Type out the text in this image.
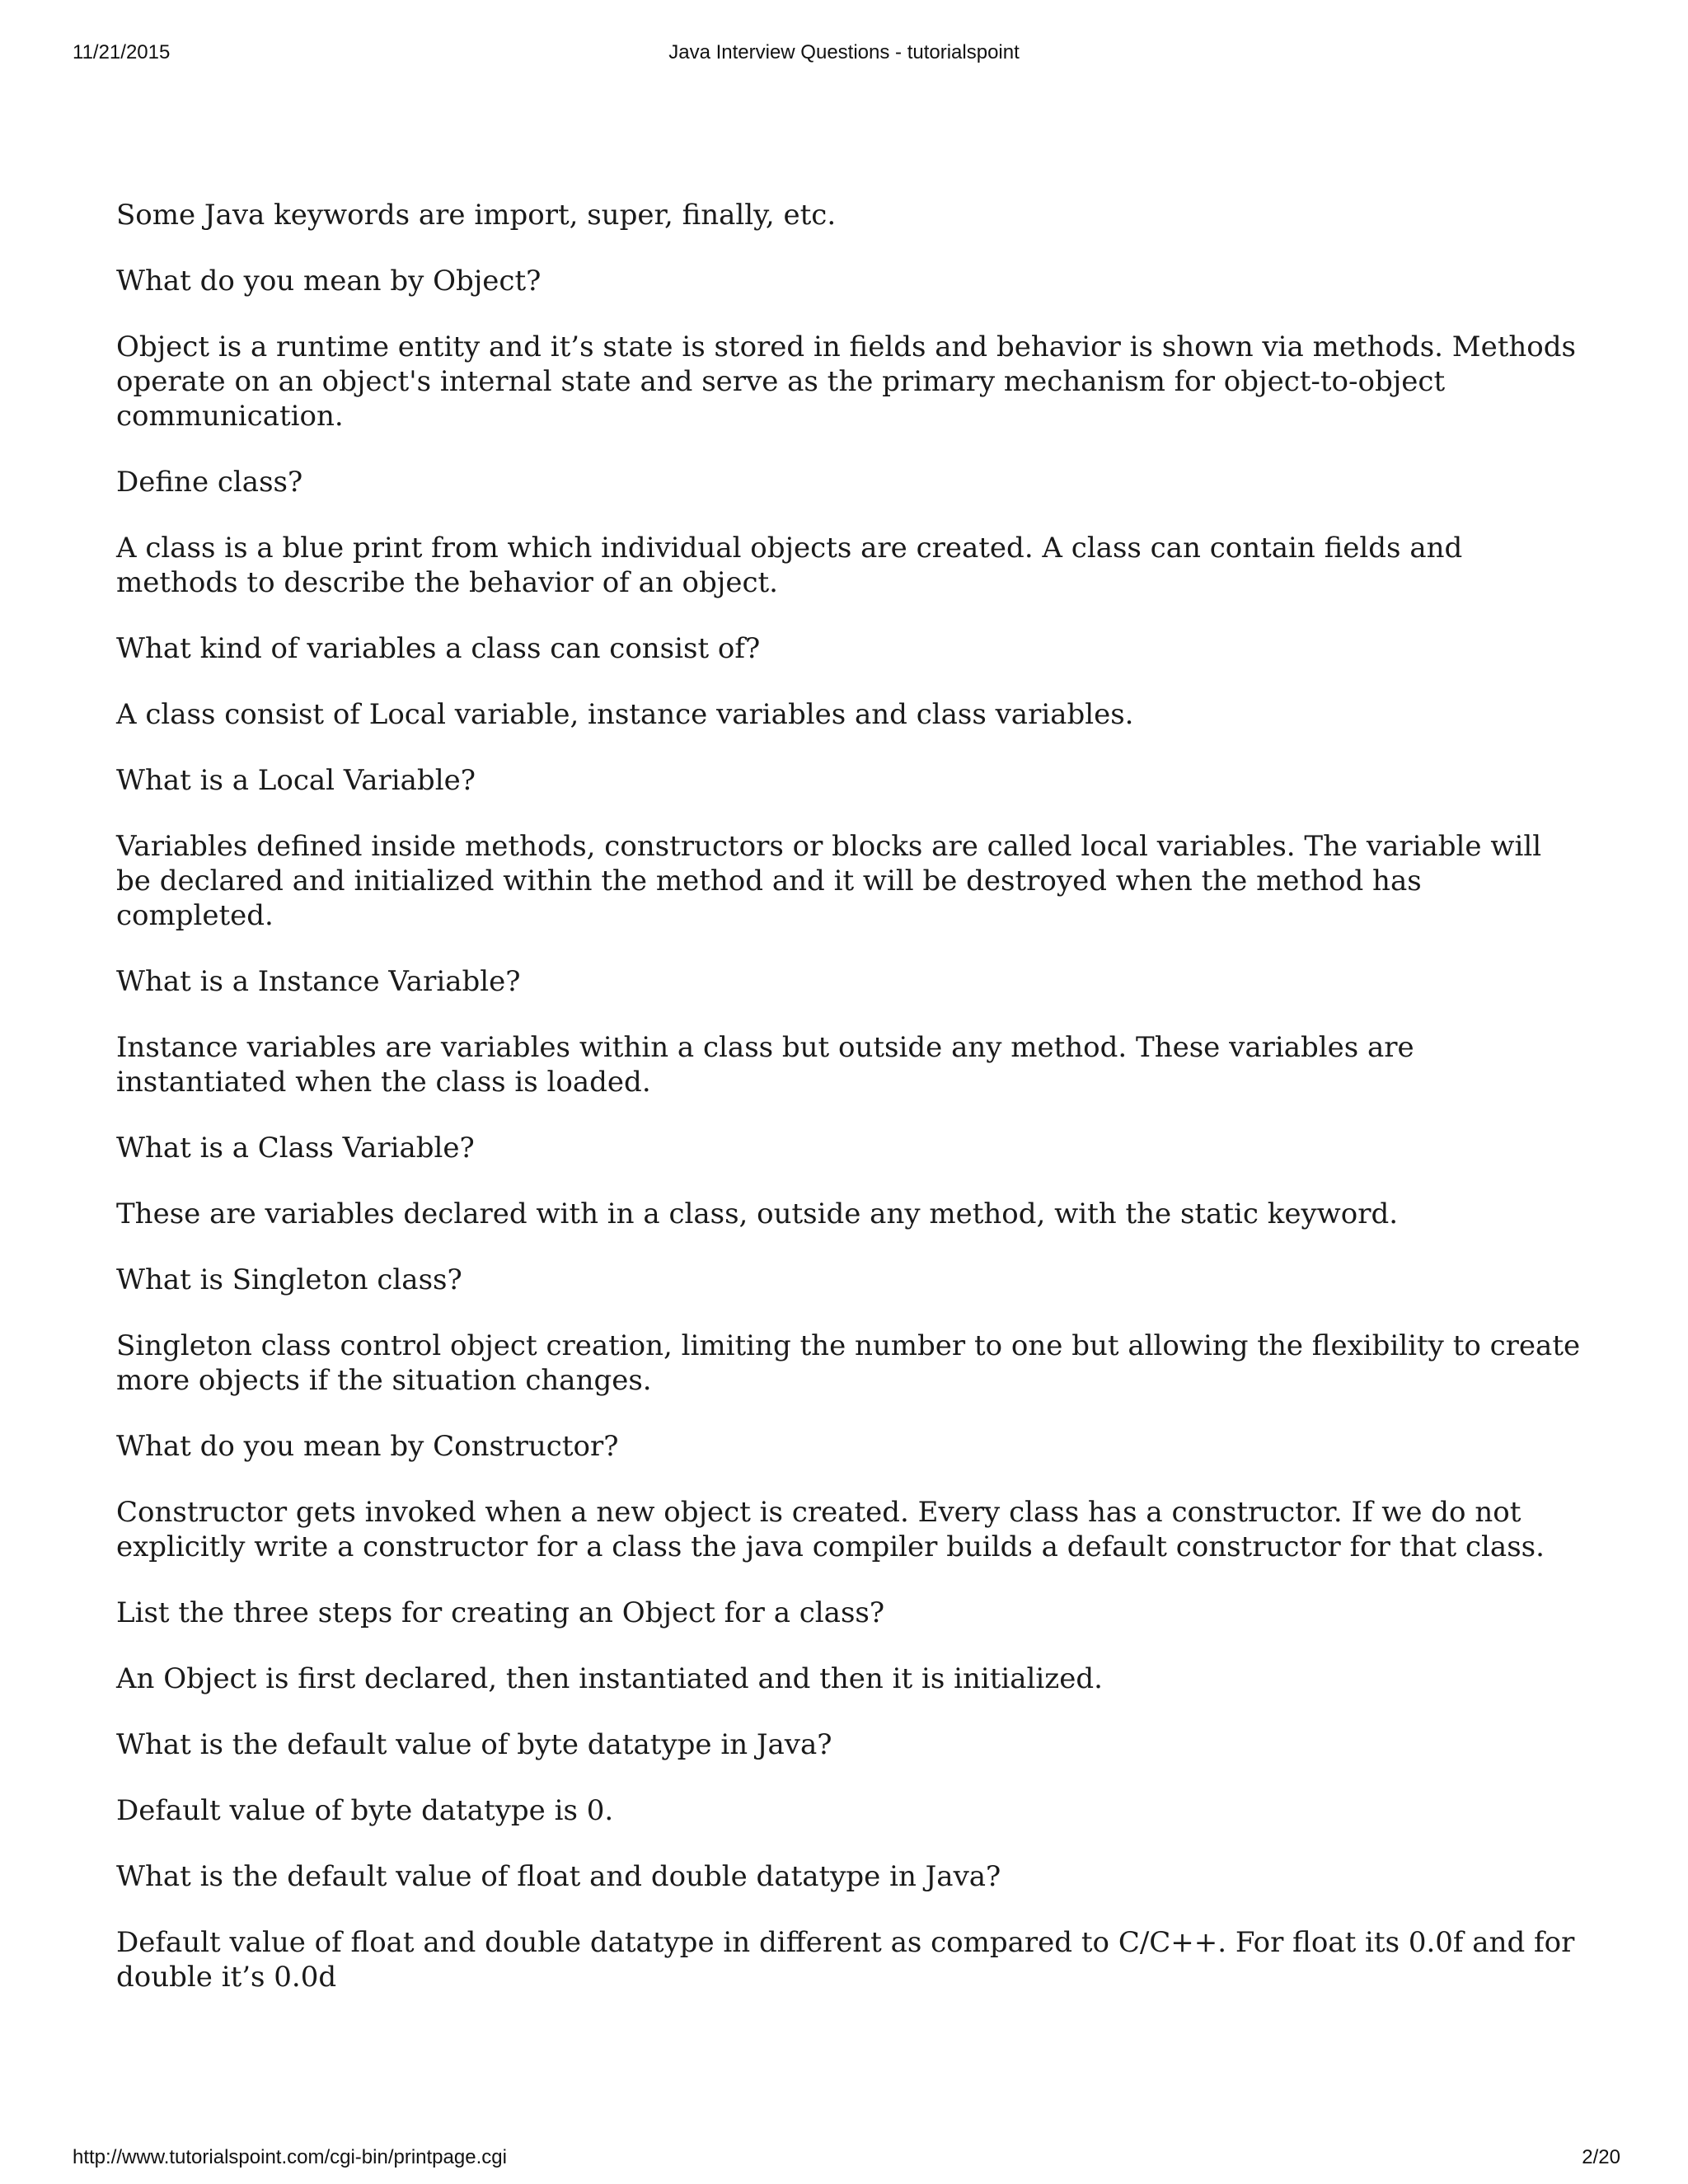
11/21/2015	Java Interview Questions - tutorialspoint

Some Java keywords are import, super, finally, etc.

What do you mean by Object?

Object is a runtime entity and it’s state is stored in fields and behavior is shown via methods. Methods operate on an object's internal state and serve as the primary mechanism for object-to-object communication.

Define class?

A class is a blue print from which individual objects are created. A class can contain fields and methods to describe the behavior of an object.

What kind of variables a class can consist of?

A class consist of Local variable, instance variables and class variables.

What is a Local Variable?

Variables defined inside methods, constructors or blocks are called local variables. The variable will be declared and initialized within the method and it will be destroyed when the method has completed.

What is a Instance Variable?

Instance variables are variables within a class but outside any method. These variables are instantiated when the class is loaded.

What is a Class Variable?

These are variables declared with in a class, outside any method, with the static keyword.

What is Singleton class?

Singleton class control object creation, limiting the number to one but allowing the flexibility to create more objects if the situation changes.

What do you mean by Constructor?

Constructor gets invoked when a new object is created. Every class has a constructor. If we do not explicitly write a constructor for a class the java compiler builds a default constructor for that class.

List the three steps for creating an Object for a class?

An Object is first declared, then instantiated and then it is initialized.

What is the default value of byte datatype in Java?

Default value of byte datatype is 0.

What is the default value of float and double datatype in Java?

Default value of float and double datatype in different as compared to C/C++. For float its 0.0f and for double it’s 0.0d

http://www.tutorialspoint.com/cgi-bin/printpage.cgi	2/20
